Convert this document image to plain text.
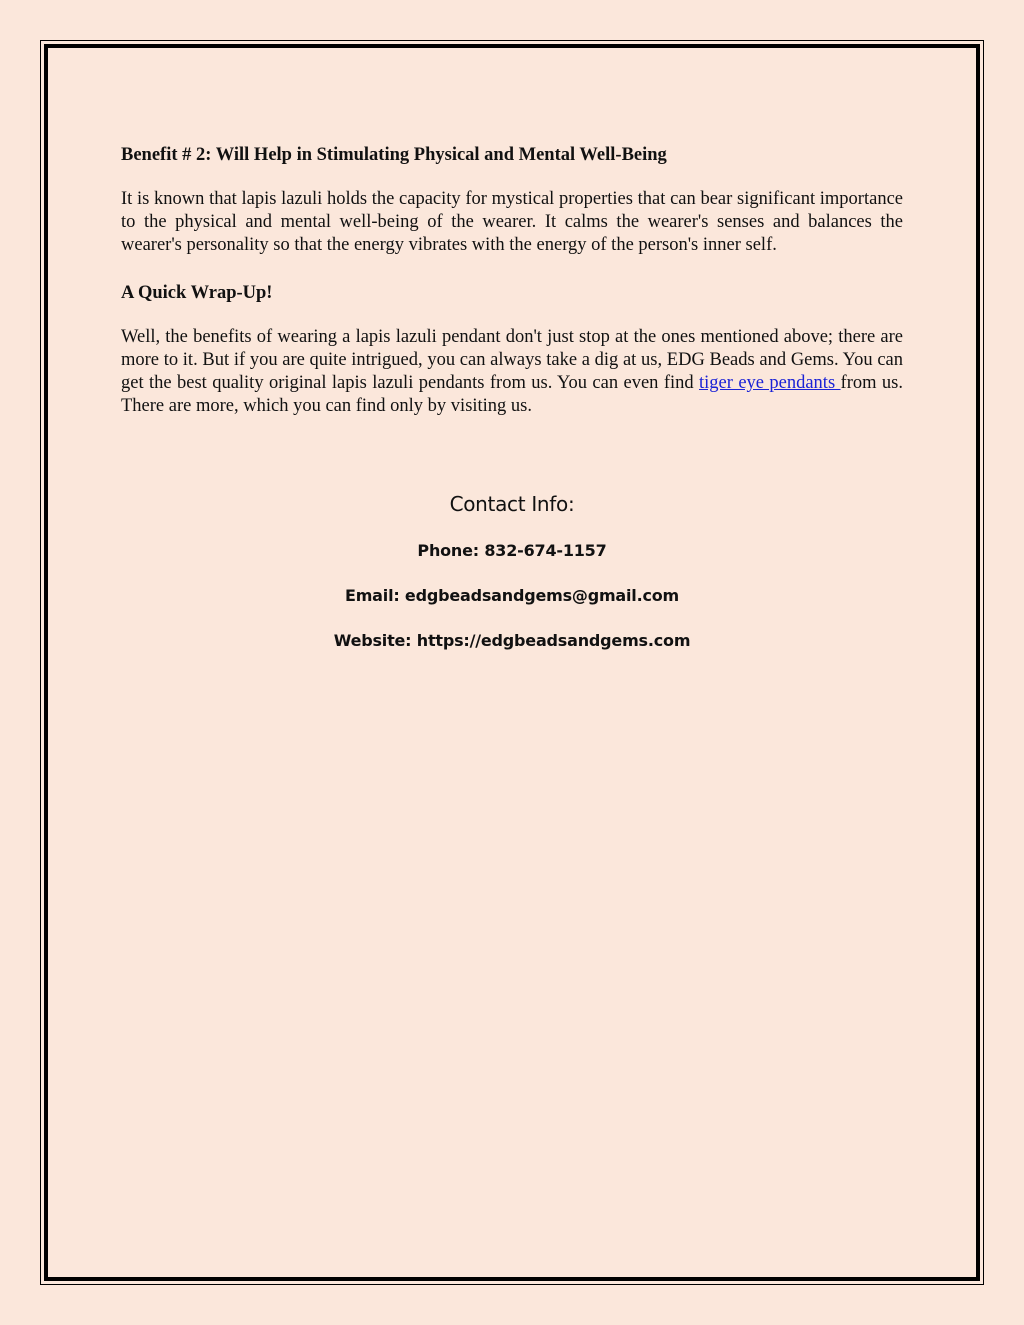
Benefit # 2: Will Help in Stimulating Physical and Mental Well-Being

It is known that lapis lazuli holds the capacity for mystical properties that can bear significant importance to the physical and mental well-being of the wearer. It calms the wearer's senses and balances the wearer's personality so that the energy vibrates with the energy of the person's inner self.

A Quick Wrap-Up!

Well, the benefits of wearing a lapis lazuli pendant don't just stop at the ones mentioned above; there are more to it. But if you are quite intrigued, you can always take a dig at us, EDG Beads and Gems. You can get the best quality original lapis lazuli pendants from us. You can even find tiger eye pendants from us. There are more, which you can find only by visiting us.

Contact Info:
Phone: 832-674-1157
Email: edgbeadsandgems@gmail.com
Website: https://edgbeadsandgems.com
